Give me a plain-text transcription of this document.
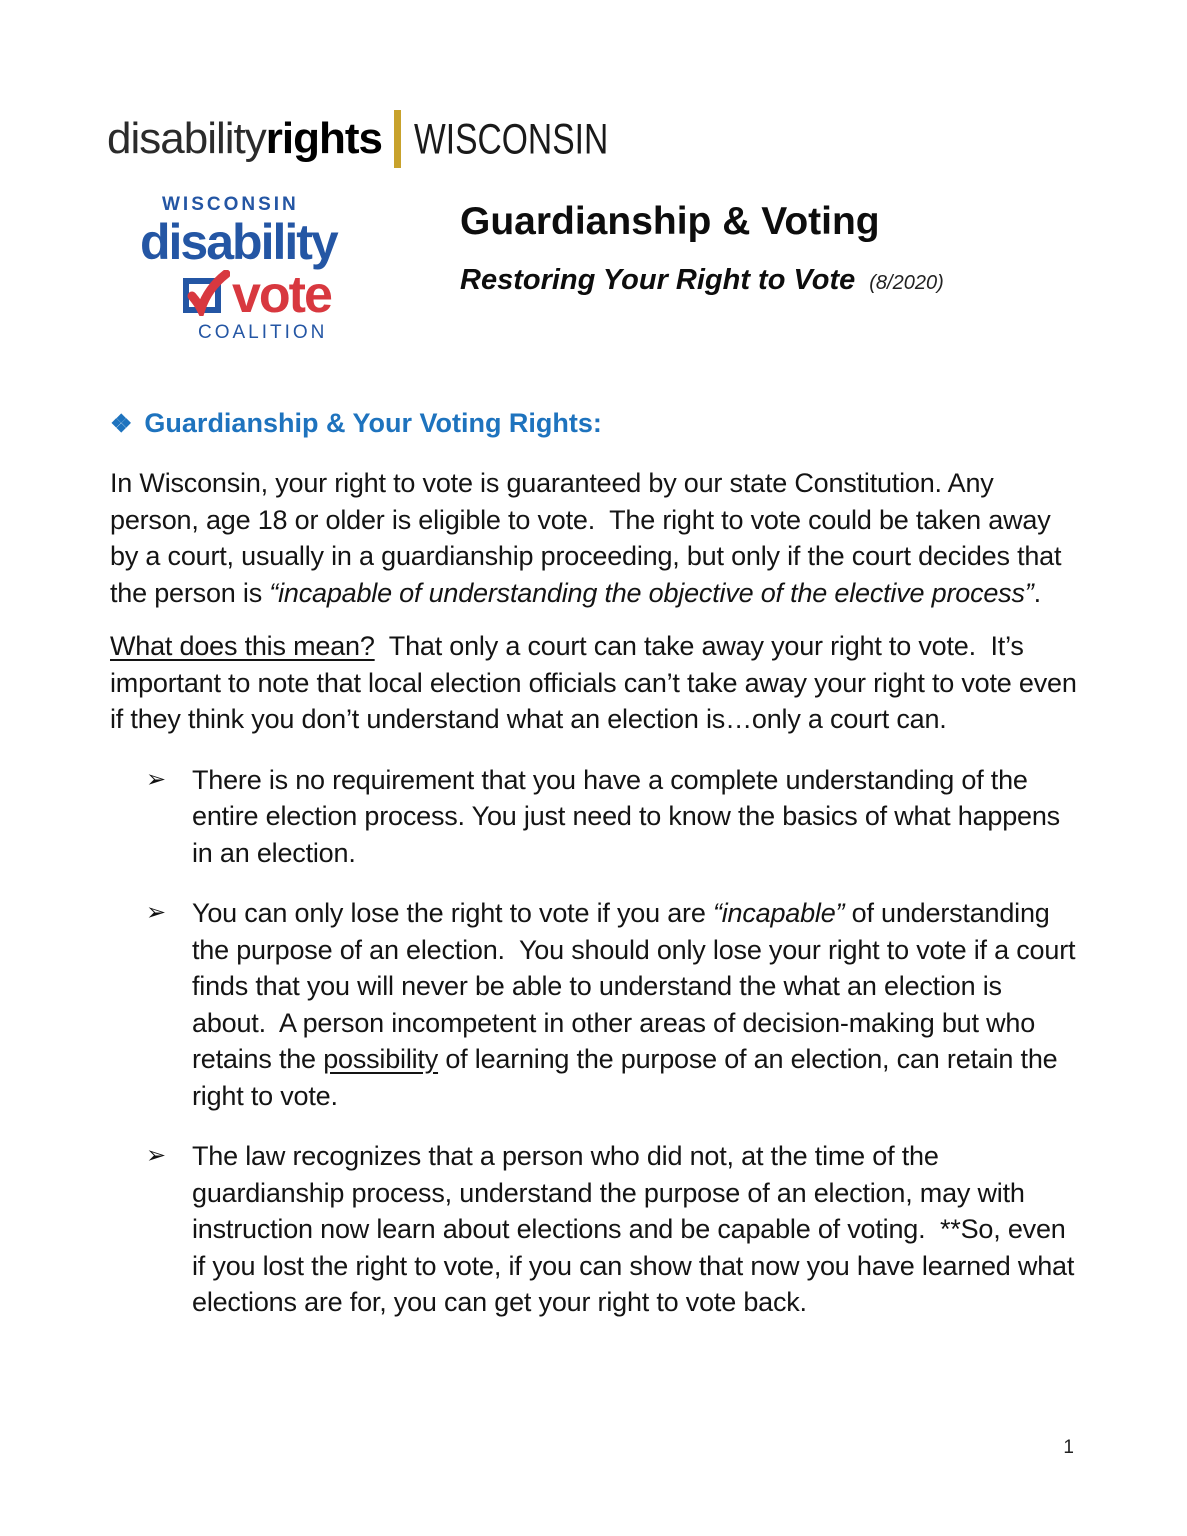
disabilityrights WISCONSIN
WISCONSIN
disability
vote
COALITION
Guardianship & Voting
Restoring Your Right to Vote (8/2020)
❖ Guardianship & Your Voting Rights:

In Wisconsin, your right to vote is guaranteed by our state Constitution. Any person, age 18 or older is eligible to vote.  The right to vote could be taken away by a court, usually in a guardianship proceeding, but only if the court decides that the person is “incapable of understanding the objective of the elective process”.

What does this mean?  That only a court can take away your right to vote.  It’s important to note that local election officials can’t take away your right to vote even if they think you don’t understand what an election is…only a court can.

➢ There is no requirement that you have a complete understanding of the entire election process. You just need to know the basics of what happens in an election.
➢ You can only lose the right to vote if you are “incapable” of understanding the purpose of an election.  You should only lose your right to vote if a court finds that you will never be able to understand the what an election is about.  A person incompetent in other areas of decision-making but who retains the possibility of learning the purpose of an election, can retain the right to vote.
➢ The law recognizes that a person who did not, at the time of the guardianship process, understand the purpose of an election, may with instruction now learn about elections and be capable of voting.  **So, even if you lost the right to vote, if you can show that now you have learned what elections are for, you can get your right to vote back.
1
